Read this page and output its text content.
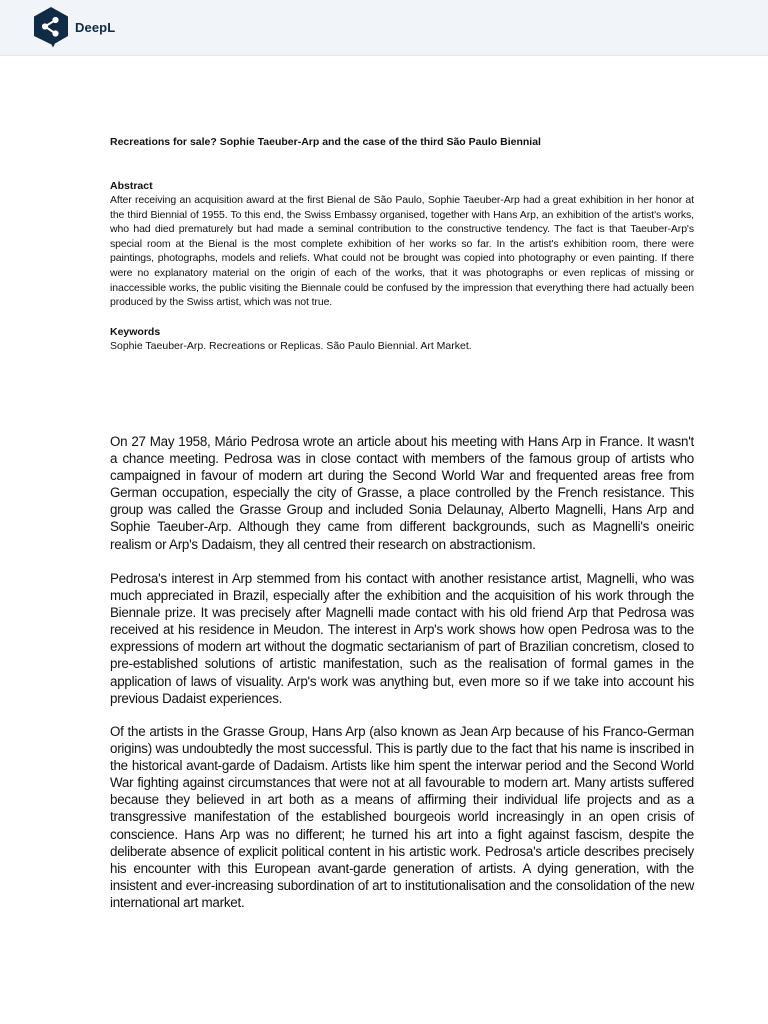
DeepL
Recreations for sale? Sophie Taeuber-Arp and the case of the third São Paulo Biennial
Abstract
After receiving an acquisition award at the first Bienal de São Paulo, Sophie Taeuber-Arp had a great exhibition in her honor at the third Biennial of 1955. To this end, the Swiss Embassy organised, together with Hans Arp, an exhibition of the artist's works, who had died prematurely but had made a seminal contribution to the constructive tendency. The fact is that Taeuber-Arp's special room at the Bienal is the most complete exhibition of her works so far. In the artist's exhibition room, there were paintings, photographs, models and reliefs. What could not be brought was copied into photography or even painting. If there were no explanatory material on the origin of each of the works, that it was photographs or even replicas of missing or inaccessible works, the public visiting the Biennale could be confused by the impression that everything there had actually been produced by the Swiss artist, which was not true.
Keywords
Sophie Taeuber-Arp. Recreations or Replicas. São Paulo Biennial. Art Market.

On 27 May 1958, Mário Pedrosa wrote an article about his meeting with Hans Arp in France. It wasn't a chance meeting. Pedrosa was in close contact with members of the famous group of artists who campaigned in favour of modern art during the Second World War and frequented areas free from German occupation, especially the city of Grasse, a place controlled by the French resistance. This group was called the Grasse Group and included Sonia Delaunay, Alberto Magnelli, Hans Arp and Sophie Taeuber-Arp. Although they came from different backgrounds, such as Magnelli's oneiric realism or Arp's Dadaism, they all centred their research on abstractionism.

Pedrosa's interest in Arp stemmed from his contact with another resistance artist, Magnelli, who was much appreciated in Brazil, especially after the exhibition and the acquisition of his work through the Biennale prize. It was precisely after Magnelli made contact with his old friend Arp that Pedrosa was received at his residence in Meudon. The interest in Arp's work shows how open Pedrosa was to the expressions of modern art without the dogmatic sectarianism of part of Brazilian concretism, closed to pre-established solutions of artistic manifestation, such as the realisation of formal games in the application of laws of visuality. Arp's work was anything but, even more so if we take into account his previous Dadaist experiences.

Of the artists in the Grasse Group, Hans Arp (also known as Jean Arp because of his Franco-German origins) was undoubtedly the most successful. This is partly due to the fact that his name is inscribed in the historical avant-garde of Dadaism. Artists like him spent the interwar period and the Second World War fighting against circumstances that were not at all favourable to modern art. Many artists suffered because they believed in art both as a means of affirming their individual life projects and as a transgressive manifestation of the established bourgeois world increasingly in an open crisis of conscience. Hans Arp was no different; he turned his art into a fight against fascism, despite the deliberate absence of explicit political content in his artistic work. Pedrosa's article describes precisely his encounter with this European avant-garde generation of artists. A dying generation, with the insistent and ever-increasing subordination of art to institutionalisation and the consolidation of the new international art market.
